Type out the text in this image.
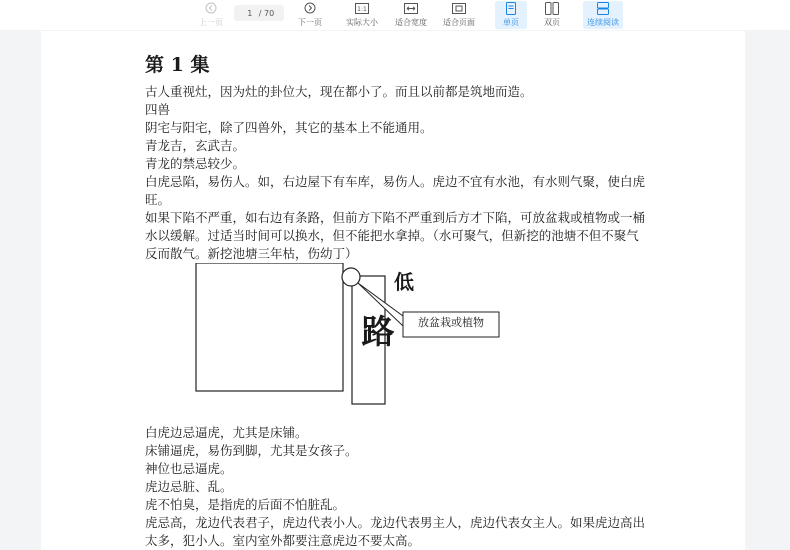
上一页
1
/ 70
下一页
1:1
实际大小 适合宽度 适合页面	单页	双页	连续阅读
第 1 集

古人重视灶，因为灶的卦位大，现在都小了。而且以前都是筑地而造。

四兽

阴宅与阳宅，除了四兽外，其它的基本上不能通用。

青龙吉，玄武吉。

青龙的禁忌较少。

白虎忌陷，易伤人。如，右边屋下有车库，易伤人。虎边不宜有水池，有水则气聚，使白虎旺。

如果下陷不严重，如右边有条路，但前方下陷不严重到后方才下陷，可放盆栽或植物或一桶水以缓解。过适当时间可以换水，但不能把水拿掉。（水可聚气，但新挖的池塘不但不聚气反而散气。新挖池塘三年枯，伤幼丁）

低
路	放盆栽或植物

白虎边忌逼虎，尤其是床铺。

床铺逼虎，易伤到脚，尤其是女孩子。

神位也忌逼虎。

虎边忌脏、乱。

虎不怕臭，是指虎的后面不怕脏乱。

虎忌高，龙边代表君子，虎边代表小人。龙边代表男主人，虎边代表女主人。如果虎边高出太多，犯小人。室内室外都要注意虎边不要太高。
